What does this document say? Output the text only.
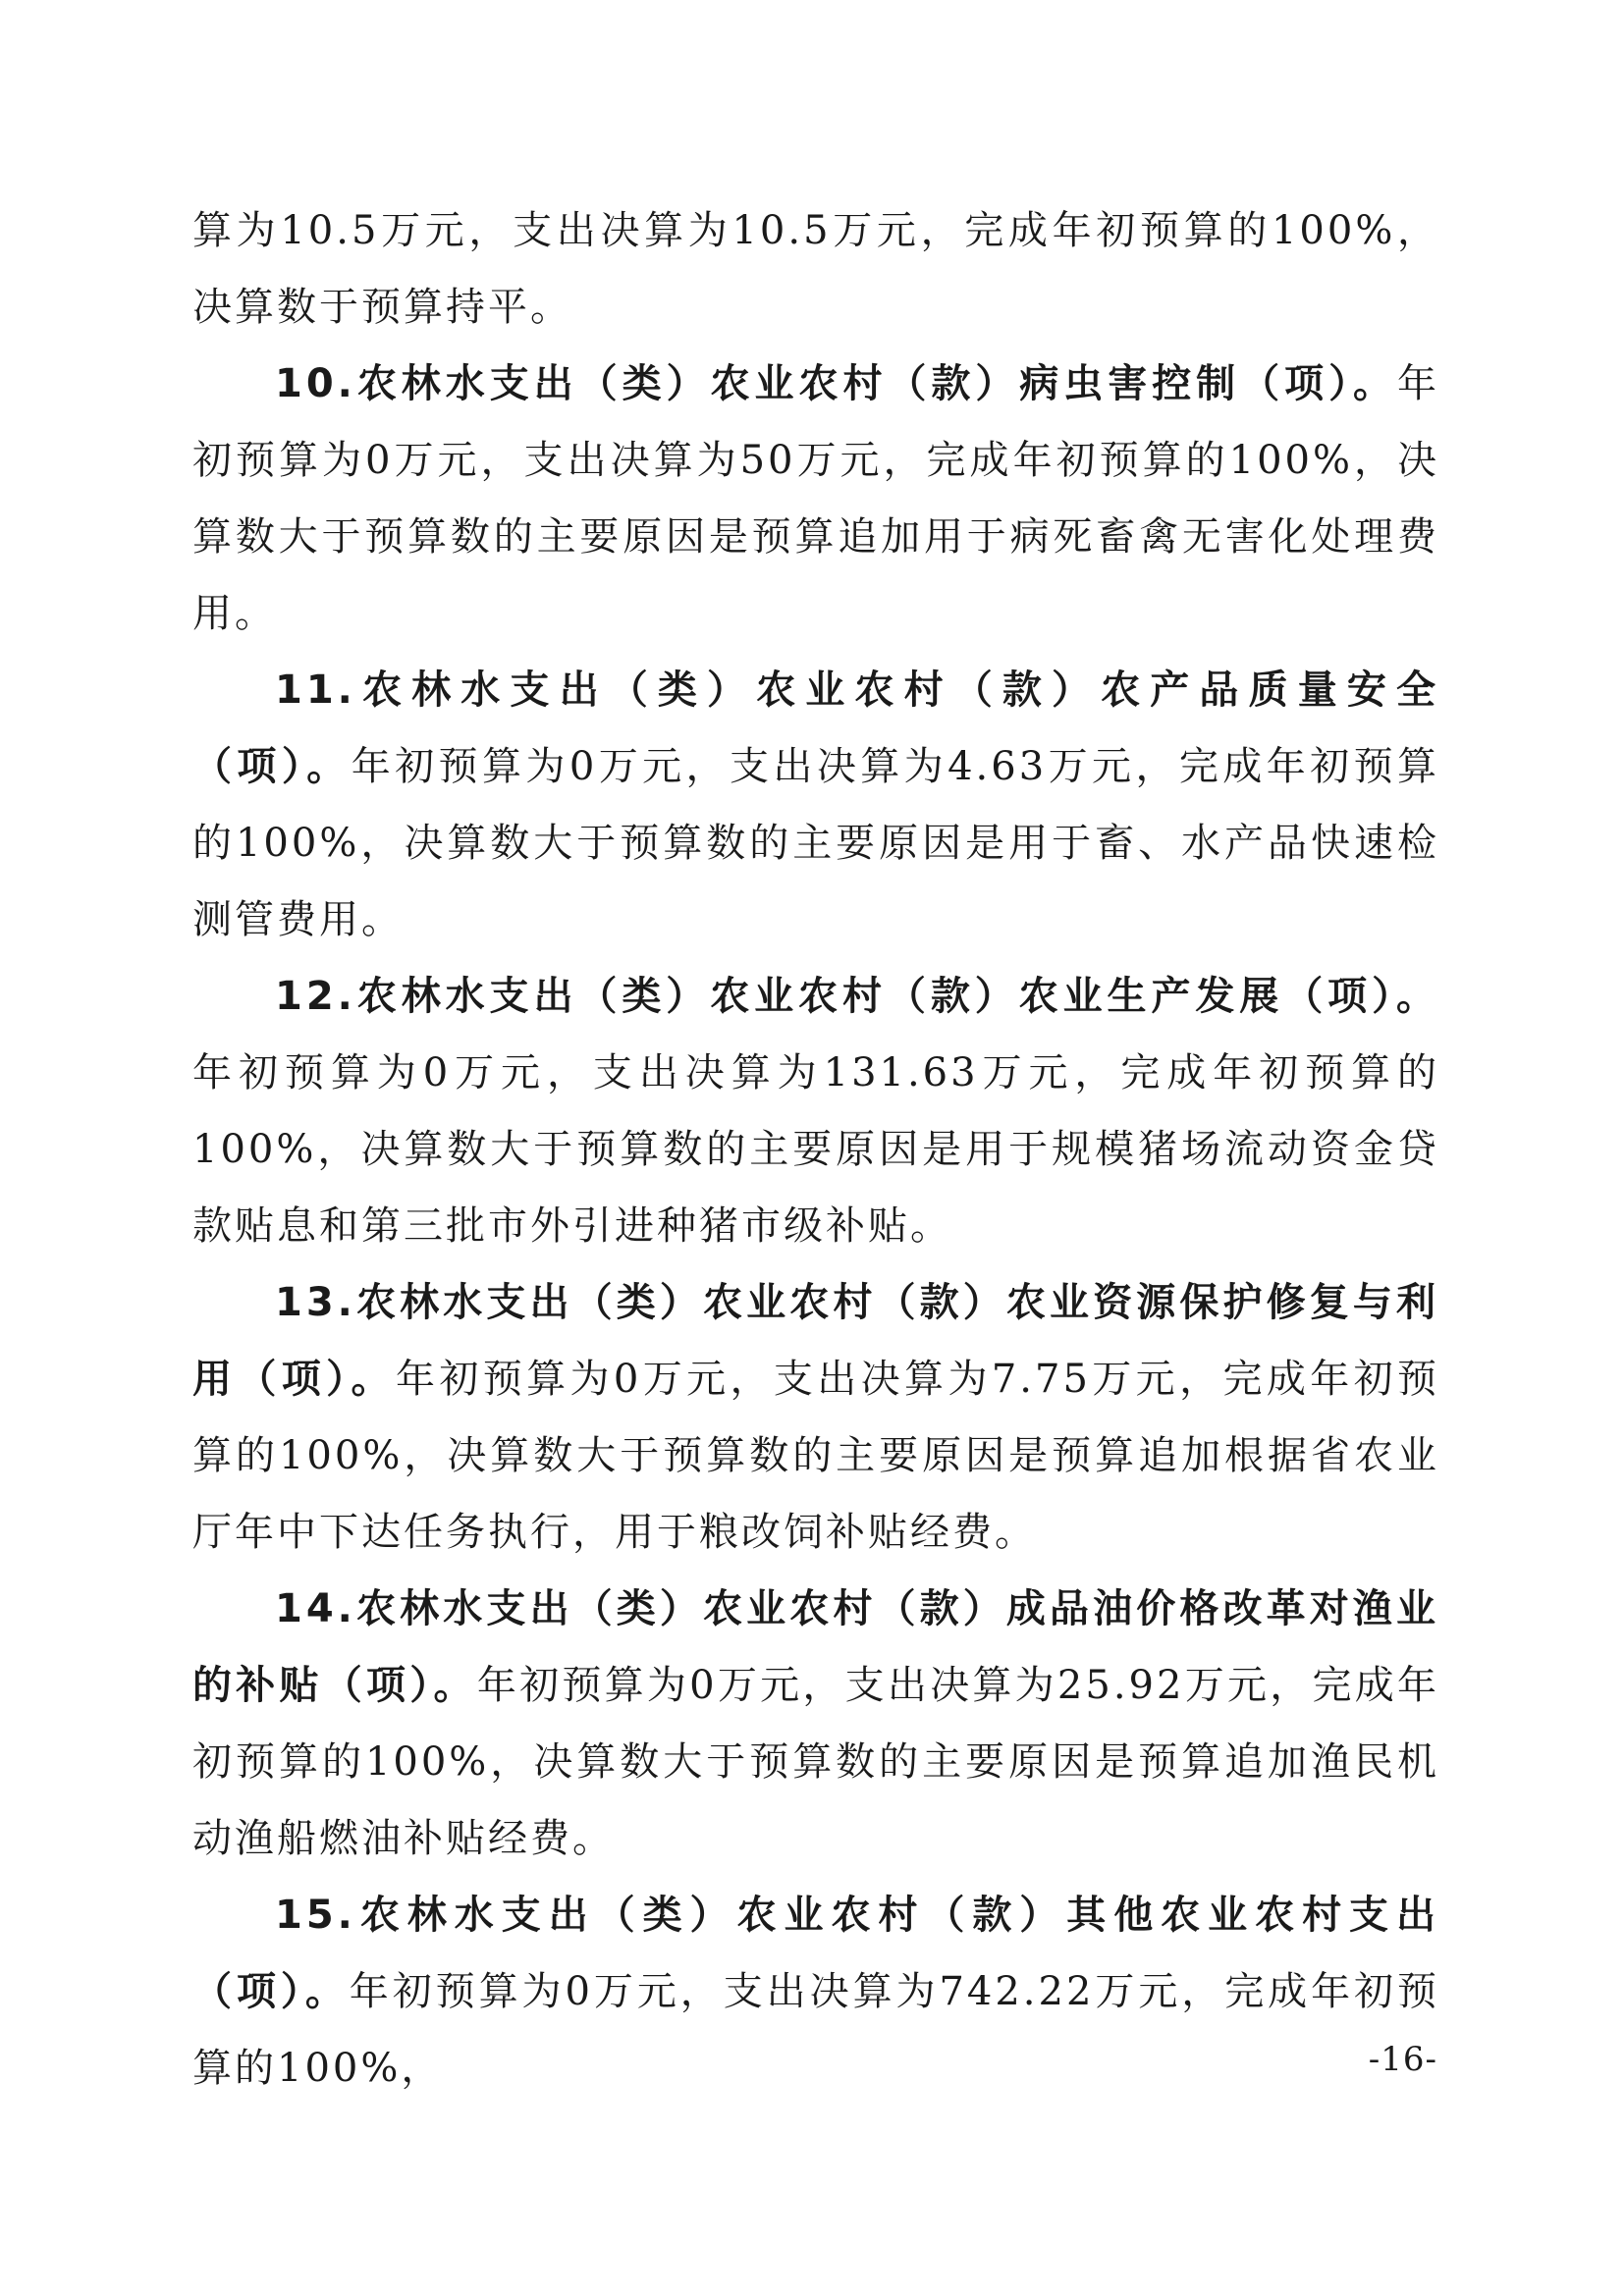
算为10.5万元，支出决算为10.5万元，完成年初预算的100%，决算数于预算持平。

10.农林水支出（类）农业农村（款）病虫害控制（项）。年初预算为0万元，支出决算为50万元，完成年初预算的100%，决算数大于预算数的主要原因是预算追加用于病死畜禽无害化处理费用。

11.农林水支出（类）农业农村（款）农产品质量安全（项）。年初预算为0万元，支出决算为4.63万元，完成年初预算的100%，决算数大于预算数的主要原因是用于畜、水产品快速检测管费用。

12.农林水支出（类）农业农村（款）农业生产发展（项）。年初预算为0万元，支出决算为131.63万元，完成年初预算的100%，决算数大于预算数的主要原因是用于规模猪场流动资金贷款贴息和第三批市外引进种猪市级补贴。

13.农林水支出（类）农业农村（款）农业资源保护修复与利用（项）。年初预算为0万元，支出决算为7.75万元，完成年初预算的100%，决算数大于预算数的主要原因是预算追加根据省农业厅年中下达任务执行，用于粮改饲补贴经费。

14.农林水支出（类）农业农村（款）成品油价格改革对渔业的补贴（项）。年初预算为0万元，支出决算为25.92万元，完成年初预算的100%，决算数大于预算数的主要原因是预算追加渔民机动渔船燃油补贴经费。

15.农林水支出（类）农业农村（款）其他农业农村支出（项）。年初预算为0万元，支出决算为742.22万元，完成年初预算的100%，	-16-
